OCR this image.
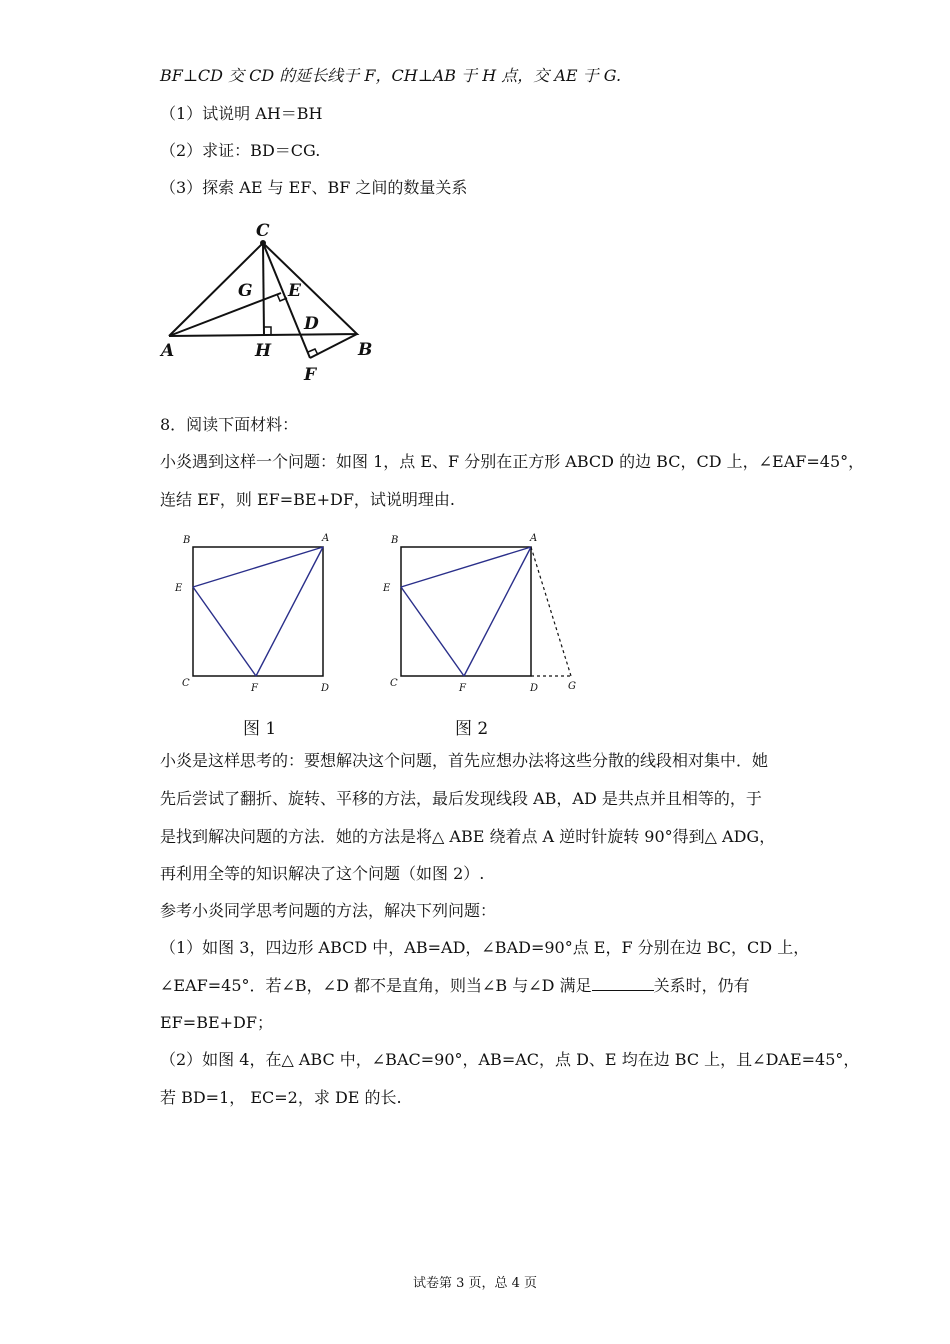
BF⊥CD 交 CD 的延长线于 F，CH⊥AB 于 H 点，交 AE 于 G.
（1）试说明 AH＝BH
（2）求证：BD＝CG.
（3）探索 AE 与 EF、BF 之间的数量关系
C
G E
D
A	H	B
F
8．阅读下面材料：
小炎遇到这样一个问题：如图 1，点 E、F 分别在正方形 ABCD 的边 BC，CD 上，∠EAF=45°，
连结 EF，则 EF=BE+DF，试说明理由.
B	A
E
C	F	D
B	A
E
C	F	D	G
图 1	图 2
小炎是这样思考的：要想解决这个问题，首先应想办法将这些分散的线段相对集中．她
先后尝试了翻折、旋转、平移的方法，最后发现线段 AB，AD 是共点并且相等的，于
是找到解决问题的方法．她的方法是将△ ABE 绕着点 A 逆时针旋转 90°得到△ ADG，
再利用全等的知识解决了这个问题（如图 2）.
参考小炎同学思考问题的方法，解决下列问题：
（1）如图 3，四边形 ABCD 中，AB=AD，∠BAD=90°点 E，F 分别在边 BC，CD 上，
∠EAF=45°．若∠B，∠D 都不是直角，则当∠B 与∠D 满足	关系时，仍有
EF=BE+DF；
（2）如图 4，在△ ABC 中，∠BAC=90°，AB=AC，点 D、E 均在边 BC 上，且∠DAE=45°，
若 BD=1， EC=2，求 DE 的长.
试卷第 3 页，总 4 页
